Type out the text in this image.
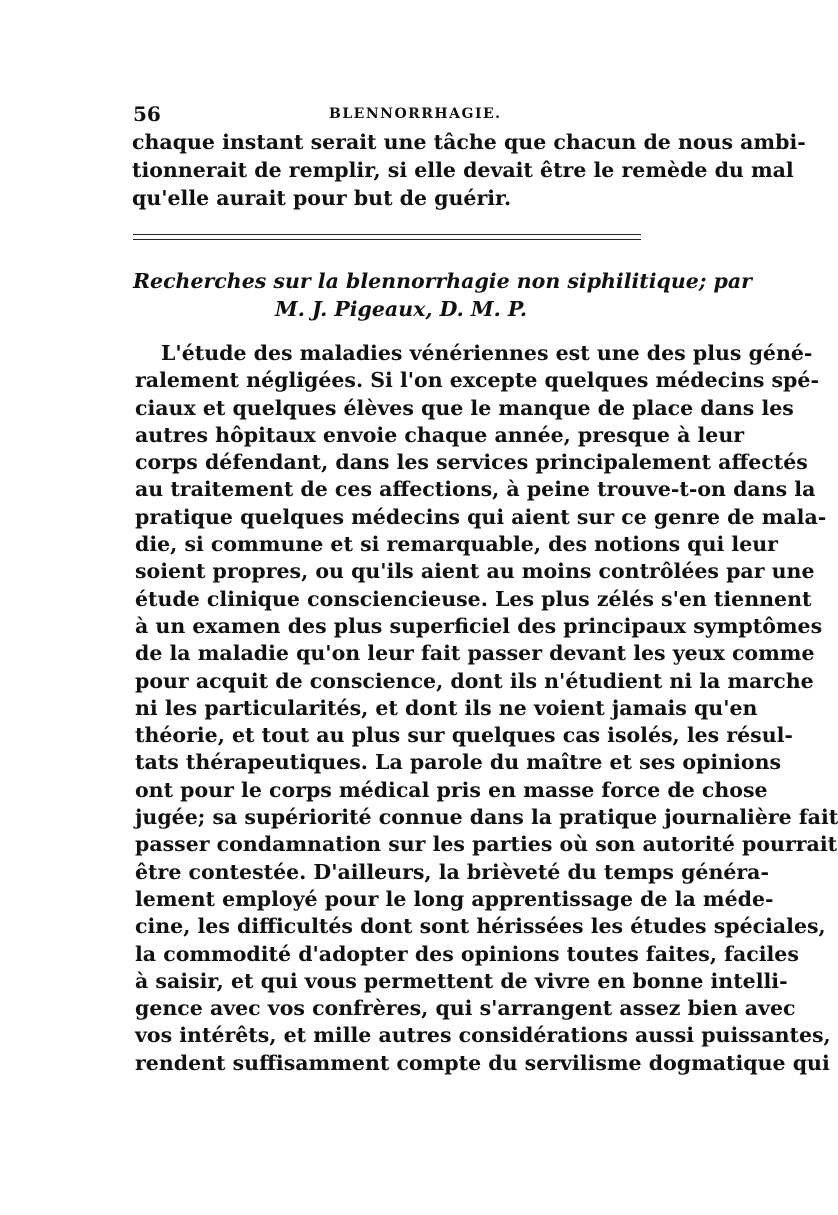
56	BLENNORRHAGIE.
chaque instant serait une tâche que chacun de nous ambi-
tionnerait de remplir, si elle devait être le remède du mal
qu'elle aurait pour but de guérir.
Recherches sur la blennorrhagie non siphilitique; par
M. J. Pigeaux, D. M. P.
L'étude des maladies vénériennes est une des plus géné-
ralement négligées. Si l'on excepte quelques médecins spé-
ciaux et quelques élèves que le manque de place dans les
autres hôpitaux envoie chaque année, presque à leur
corps défendant, dans les services principalement affectés
au traitement de ces affections, à peine trouve-t-on dans la
pratique quelques médecins qui aient sur ce genre de mala-
die, si commune et si remarquable, des notions qui leur
soient propres, ou qu'ils aient au moins contrôlées par une
étude clinique consciencieuse. Les plus zélés s'en tiennent
à un examen des plus superficiel des principaux symptômes
de la maladie qu'on leur fait passer devant les yeux comme
pour acquit de conscience, dont ils n'étudient ni la marche
ni les particularités, et dont ils ne voient jamais qu'en
théorie, et tout au plus sur quelques cas isolés, les résul-
tats thérapeutiques. La parole du maître et ses opinions
ont pour le corps médical pris en masse force de chose
jugée; sa supériorité connue dans la pratique journalière fait
passer condamnation sur les parties où son autorité pourrait
être contestée. D'ailleurs, la brièveté du temps généra-
lement employé pour le long apprentissage de la méde-
cine, les difficultés dont sont hérissées les études spéciales,
la commodité d'adopter des opinions toutes faites, faciles
à saisir, et qui vous permettent de vivre en bonne intelli-
gence avec vos confrères, qui s'arrangent assez bien avec
vos intérêts, et mille autres considérations aussi puissantes,
rendent suffisamment compte du servilisme dogmatique qui
